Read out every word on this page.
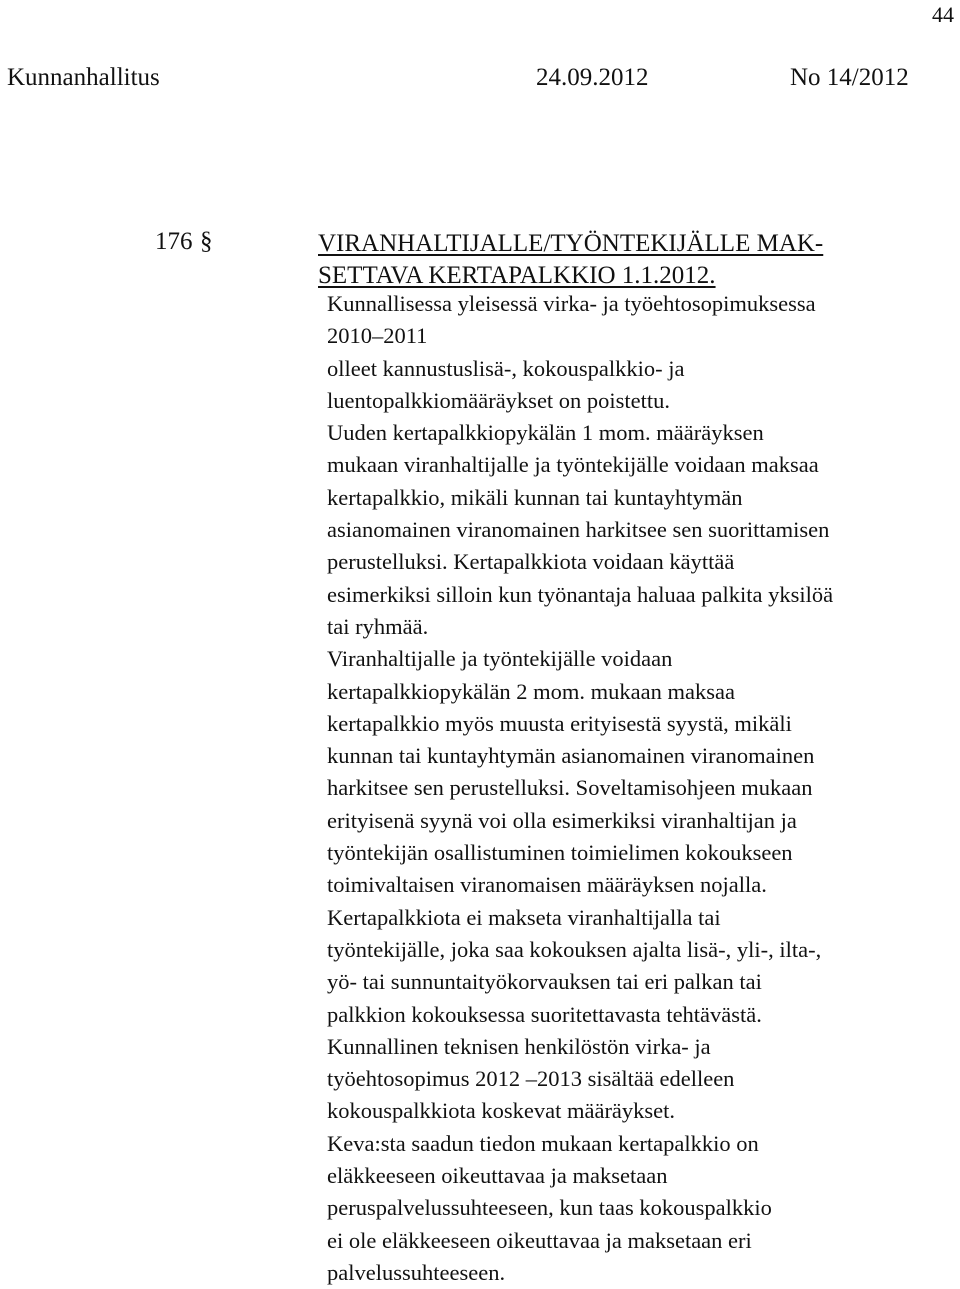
44
Kunnanhallitus	24.09.2012	No 14/2012
176 §	VIRANHALTIJALLE/TYÖNTEKIJÄLLE MAK-
SETTAVA KERTAPALKKIO 1.1.2012.
Kunnallisessa yleisessä virka- ja työehtosopimuksessa
2010–2011
olleet kannustuslisä-, kokouspalkkio- ja
luentopalkkiomääräykset on poistettu.
Uuden kertapalkkiopykälän 1 mom. määräyksen
mukaan viranhaltijalle ja työntekijälle voidaan maksaa
kertapalkkio, mikäli kunnan tai kuntayhtymän
asianomainen viranomainen harkitsee sen suorittamisen
perustelluksi. Kertapalkkiota voidaan käyttää
esimerkiksi silloin kun työnantaja haluaa palkita yksilöä
tai ryhmää.
Viranhaltijalle ja työntekijälle voidaan
kertapalkkiopykälän 2 mom. mukaan maksaa
kertapalkkio myös muusta erityisestä syystä, mikäli
kunnan tai kuntayhtymän asianomainen viranomainen
harkitsee sen perustelluksi. Soveltamisohjeen mukaan
erityisenä syynä voi olla esimerkiksi viranhaltijan ja
työntekijän osallistuminen toimielimen kokoukseen
toimivaltaisen viranomaisen määräyksen nojalla.
Kertapalkkiota ei makseta viranhaltijalla tai
työntekijälle, joka saa kokouksen ajalta lisä-, yli-, ilta-,
yö- tai sunnuntaityökorvauksen tai eri palkan tai
palkkion kokouksessa suoritettavasta tehtävästä.
Kunnallinen teknisen henkilöstön virka- ja
työehtosopimus 2012 –2013 sisältää edelleen
kokouspalkkiota koskevat määräykset.
Keva:sta saadun tiedon mukaan kertapalkkio on
eläkkeeseen oikeuttavaa ja maksetaan
peruspalvelussuhteeseen, kun taas kokouspalkkio
ei ole eläkkeeseen oikeuttavaa ja maksetaan eri
palvelussuhteeseen.
